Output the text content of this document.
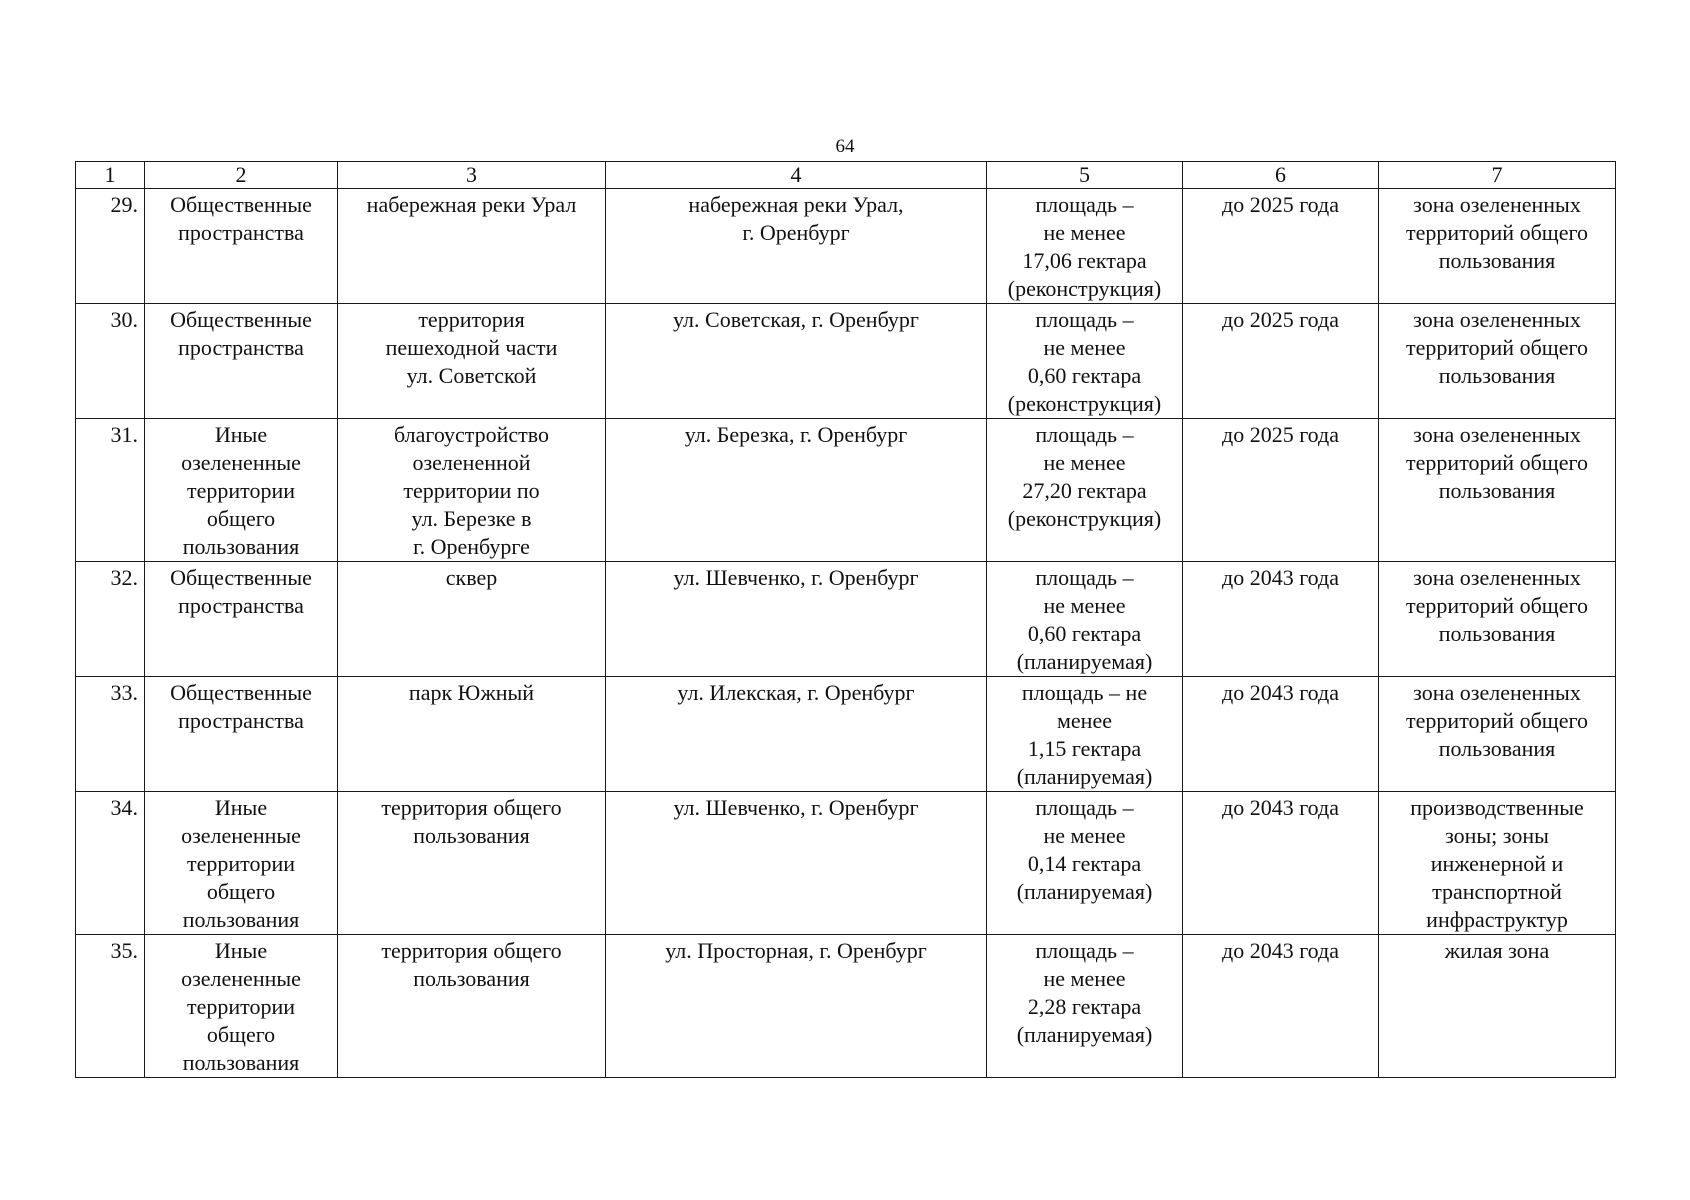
64
1	2	3	4	5	6	7
29.	Общественные
пространства	набережная реки Урал	набережная реки Урал,
г. Оренбург	площадь –
не менее
17,06 гектара
(реконструкция)	до 2025 года	зона озелененных
территорий общего
пользования
30.	Общественные
пространства	территория
пешеходной части
ул. Советской	ул. Советская, г. Оренбург	площадь –
не менее
0,60 гектара
(реконструкция)	до 2025 года	зона озелененных
территорий общего
пользования
31.	Иные
озелененные
территории
общего
пользования	благоустройство
озелененной
территории по
ул. Березке в
г. Оренбурге	ул. Березка, г. Оренбург	площадь –
не менее
27,20 гектара
(реконструкция)	до 2025 года	зона озелененных
территорий общего
пользования
32.	Общественные
пространства	сквер	ул. Шевченко, г. Оренбург	площадь –
не менее
0,60 гектара
(планируемая)	до 2043 года	зона озелененных
территорий общего
пользования
33.	Общественные
пространства	парк Южный	ул. Илекская, г. Оренбург	площадь – не
менее
1,15 гектара
(планируемая)	до 2043 года	зона озелененных
территорий общего
пользования
34.	Иные
озелененные
территории
общего
пользования	территория общего
пользования	ул. Шевченко, г. Оренбург	площадь –
не менее
0,14 гектара
(планируемая)	до 2043 года	производственные
зоны; зоны
инженерной и
транспортной
инфраструктур
35.	Иные
озелененные
территории
общего
пользования	территория общего
пользования	ул. Просторная, г. Оренбург	площадь –
не менее
2,28 гектара
(планируемая)	до 2043 года	жилая зона
